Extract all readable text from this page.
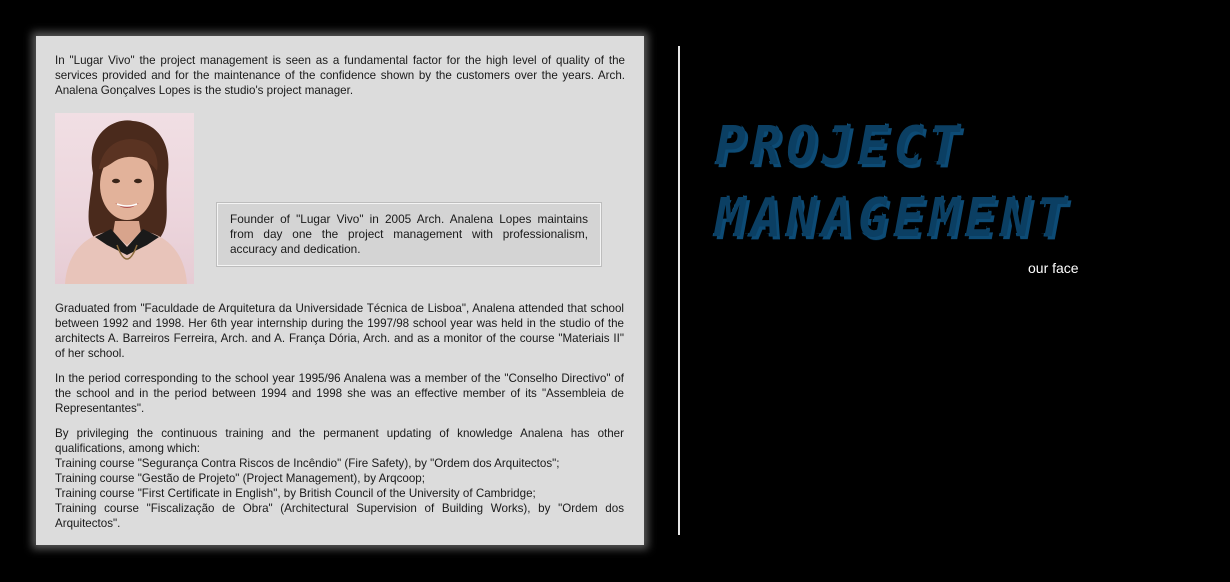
In "Lugar Vivo" the project management is seen as a fundamental factor for the high level of quality of the services provided and for the maintenance of the confidence shown by the customers over the years. Arch. Analena Gonçalves Lopes is the studio's project manager.

Founder of "Lugar Vivo" in 2005 Arch. Analena Lopes maintains from day one the project management with professionalism, accuracy and dedication.

Graduated from "Faculdade de Arquitetura da Universidade Técnica de Lisboa", Analena attended that school between 1992 and 1998. Her 6th year internship during the 1997/98 school year was held in the studio of the architects A. Barreiros Ferreira, Arch. and A. França Dória, Arch. and as a monitor of the course "Materiais II" of her school.

In the period corresponding to the school year 1995/96 Analena was a member of the "Conselho Directivo" of the school and in the period between 1994 and 1998 she was an effective member of its "Assembleia de Representantes".

By privileging the continuous training and the permanent updating of knowledge Analena has other qualifications, among which:

Training course "Segurança Contra Riscos de Incêndio" (Fire Safety), by "Ordem dos Arquitectos";
Training course "Gestão de Projeto" (Project Management), by Arqcoop;
Training course "First Certificate in English", by British Council of the University of Cambridge;
Training course "Fiscalização de Obra" (Architectural Supervision of Building Works), by "Ordem dos Arquitectos".
PROJECT
MANAGEMENT
our face
